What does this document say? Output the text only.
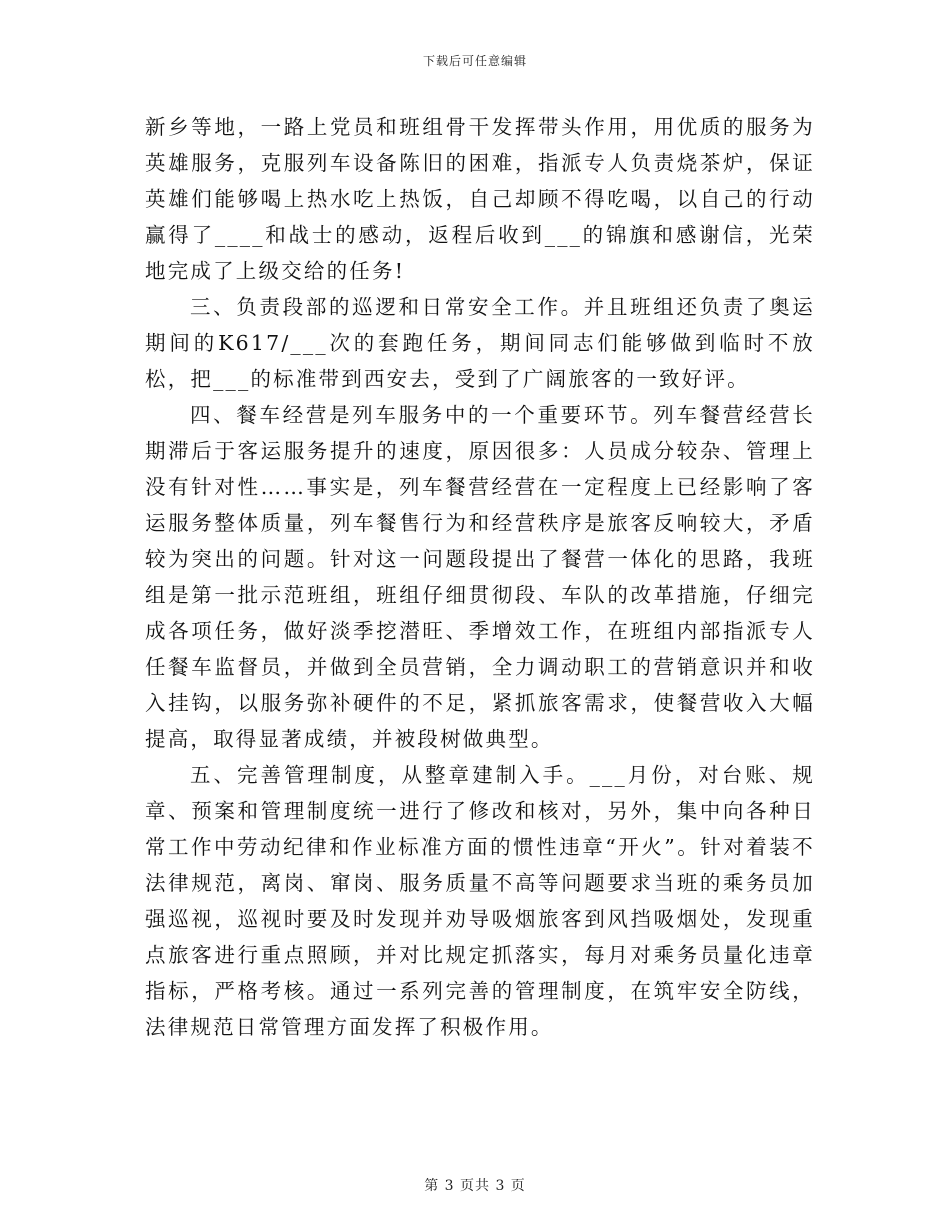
下载后可任意编辑

新乡等地，一路上党员和班组骨干发挥带头作用，用优质的服务为英雄服务，克服列车设备陈旧的困难，指派专人负责烧茶炉，保证英雄们能够喝上热水吃上热饭，自己却顾不得吃喝，以自己的行动赢得了____和战士的感动，返程后收到___的锦旗和感谢信，光荣地完成了上级交给的任务!

三、负责段部的巡逻和日常安全工作。并且班组还负责了奥运期间的K617/___次的套跑任务，期间同志们能够做到临时不放松，把___的标准带到西安去，受到了广阔旅客的一致好评。

四、餐车经营是列车服务中的一个重要环节。列车餐营经营长期滞后于客运服务提升的速度，原因很多：人员成分较杂、管理上没有针对性……事实是，列车餐营经营在一定程度上已经影响了客运服务整体质量，列车餐售行为和经营秩序是旅客反响较大，矛盾较为突出的问题。针对这一问题段提出了餐营一体化的思路，我班组是第一批示范班组，班组仔细贯彻段、车队的改革措施，仔细完成各项任务，做好淡季挖潜旺、季增效工作，在班组内部指派专人任餐车监督员，并做到全员营销，全力调动职工的营销意识并和收入挂钩，以服务弥补硬件的不足，紧抓旅客需求，使餐营收入大幅提高，取得显著成绩，并被段树做典型。

五、完善管理制度，从整章建制入手。___月份，对台账、规章、预案和管理制度统一进行了修改和核对，另外，集中向各种日常工作中劳动纪律和作业标准方面的惯性违章“开火”。针对着装不法律规范，离岗、窜岗、服务质量不高等问题要求当班的乘务员加强巡视，巡视时要及时发现并劝导吸烟旅客到风挡吸烟处，发现重点旅客进行重点照顾，并对比规定抓落实，每月对乘务员量化违章指标，严格考核。通过一系列完善的管理制度，在筑牢安全防线，法律规范日常管理方面发挥了积极作用。

第 3 页共 3 页
